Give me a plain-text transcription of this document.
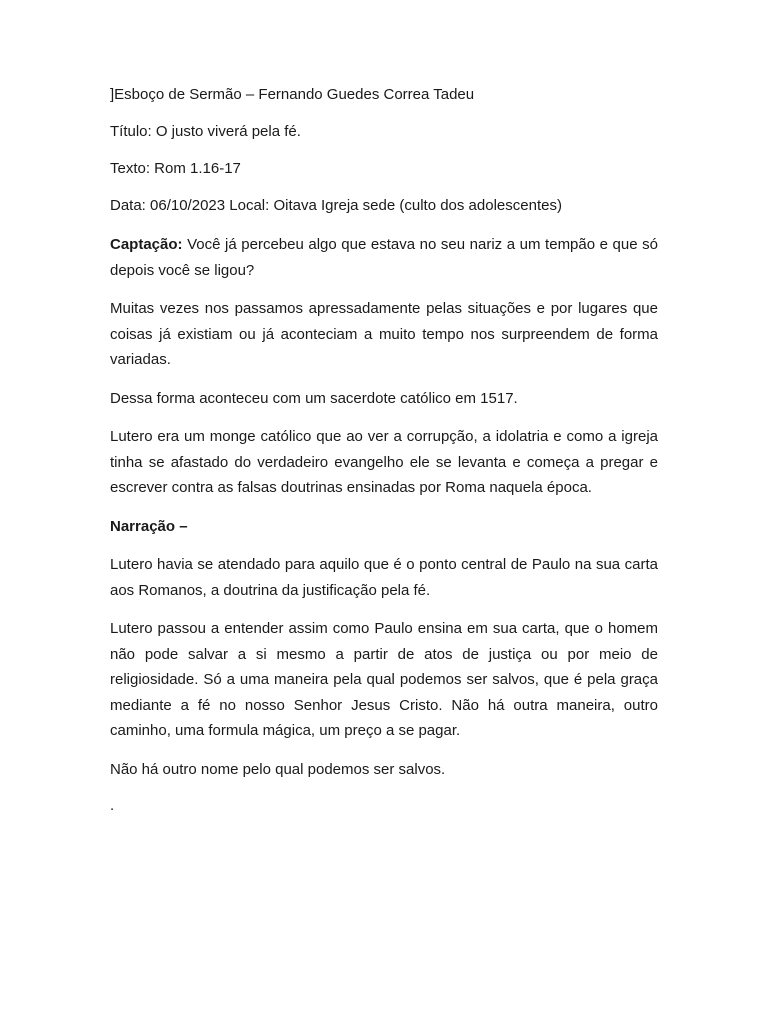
]Esboço de Sermão – Fernando Guedes Correa Tadeu

Título: O justo viverá pela fé.

Texto: Rom 1.16-17

Data: 06/10/2023 Local: Oitava Igreja sede (culto dos adolescentes)

Captação: Você já percebeu algo que estava no seu nariz a um tempão e que só depois você se ligou?

Muitas vezes nos passamos apressadamente pelas situações e por lugares que coisas já existiam ou já aconteciam a muito tempo nos surpreendem de forma variadas.

Dessa forma aconteceu com um sacerdote católico em 1517.

Lutero era um monge católico que ao ver a corrupção, a idolatria e como a igreja tinha se afastado do verdadeiro evangelho ele se levanta e começa a pregar e escrever contra as falsas doutrinas ensinadas por Roma naquela época.

Narração –

Lutero havia se atendado para aquilo que é o ponto central de Paulo na sua carta aos Romanos, a doutrina da justificação pela fé.

Lutero passou a entender assim como Paulo ensina em sua carta, que o homem não pode salvar a si mesmo a partir de atos de justiça ou por meio de religiosidade. Só a uma maneira pela qual podemos ser salvos, que é pela graça mediante a fé no nosso Senhor Jesus Cristo. Não há outra maneira, outro caminho, uma formula mágica, um preço a se pagar.

Não há outro nome pelo qual podemos ser salvos.

.
